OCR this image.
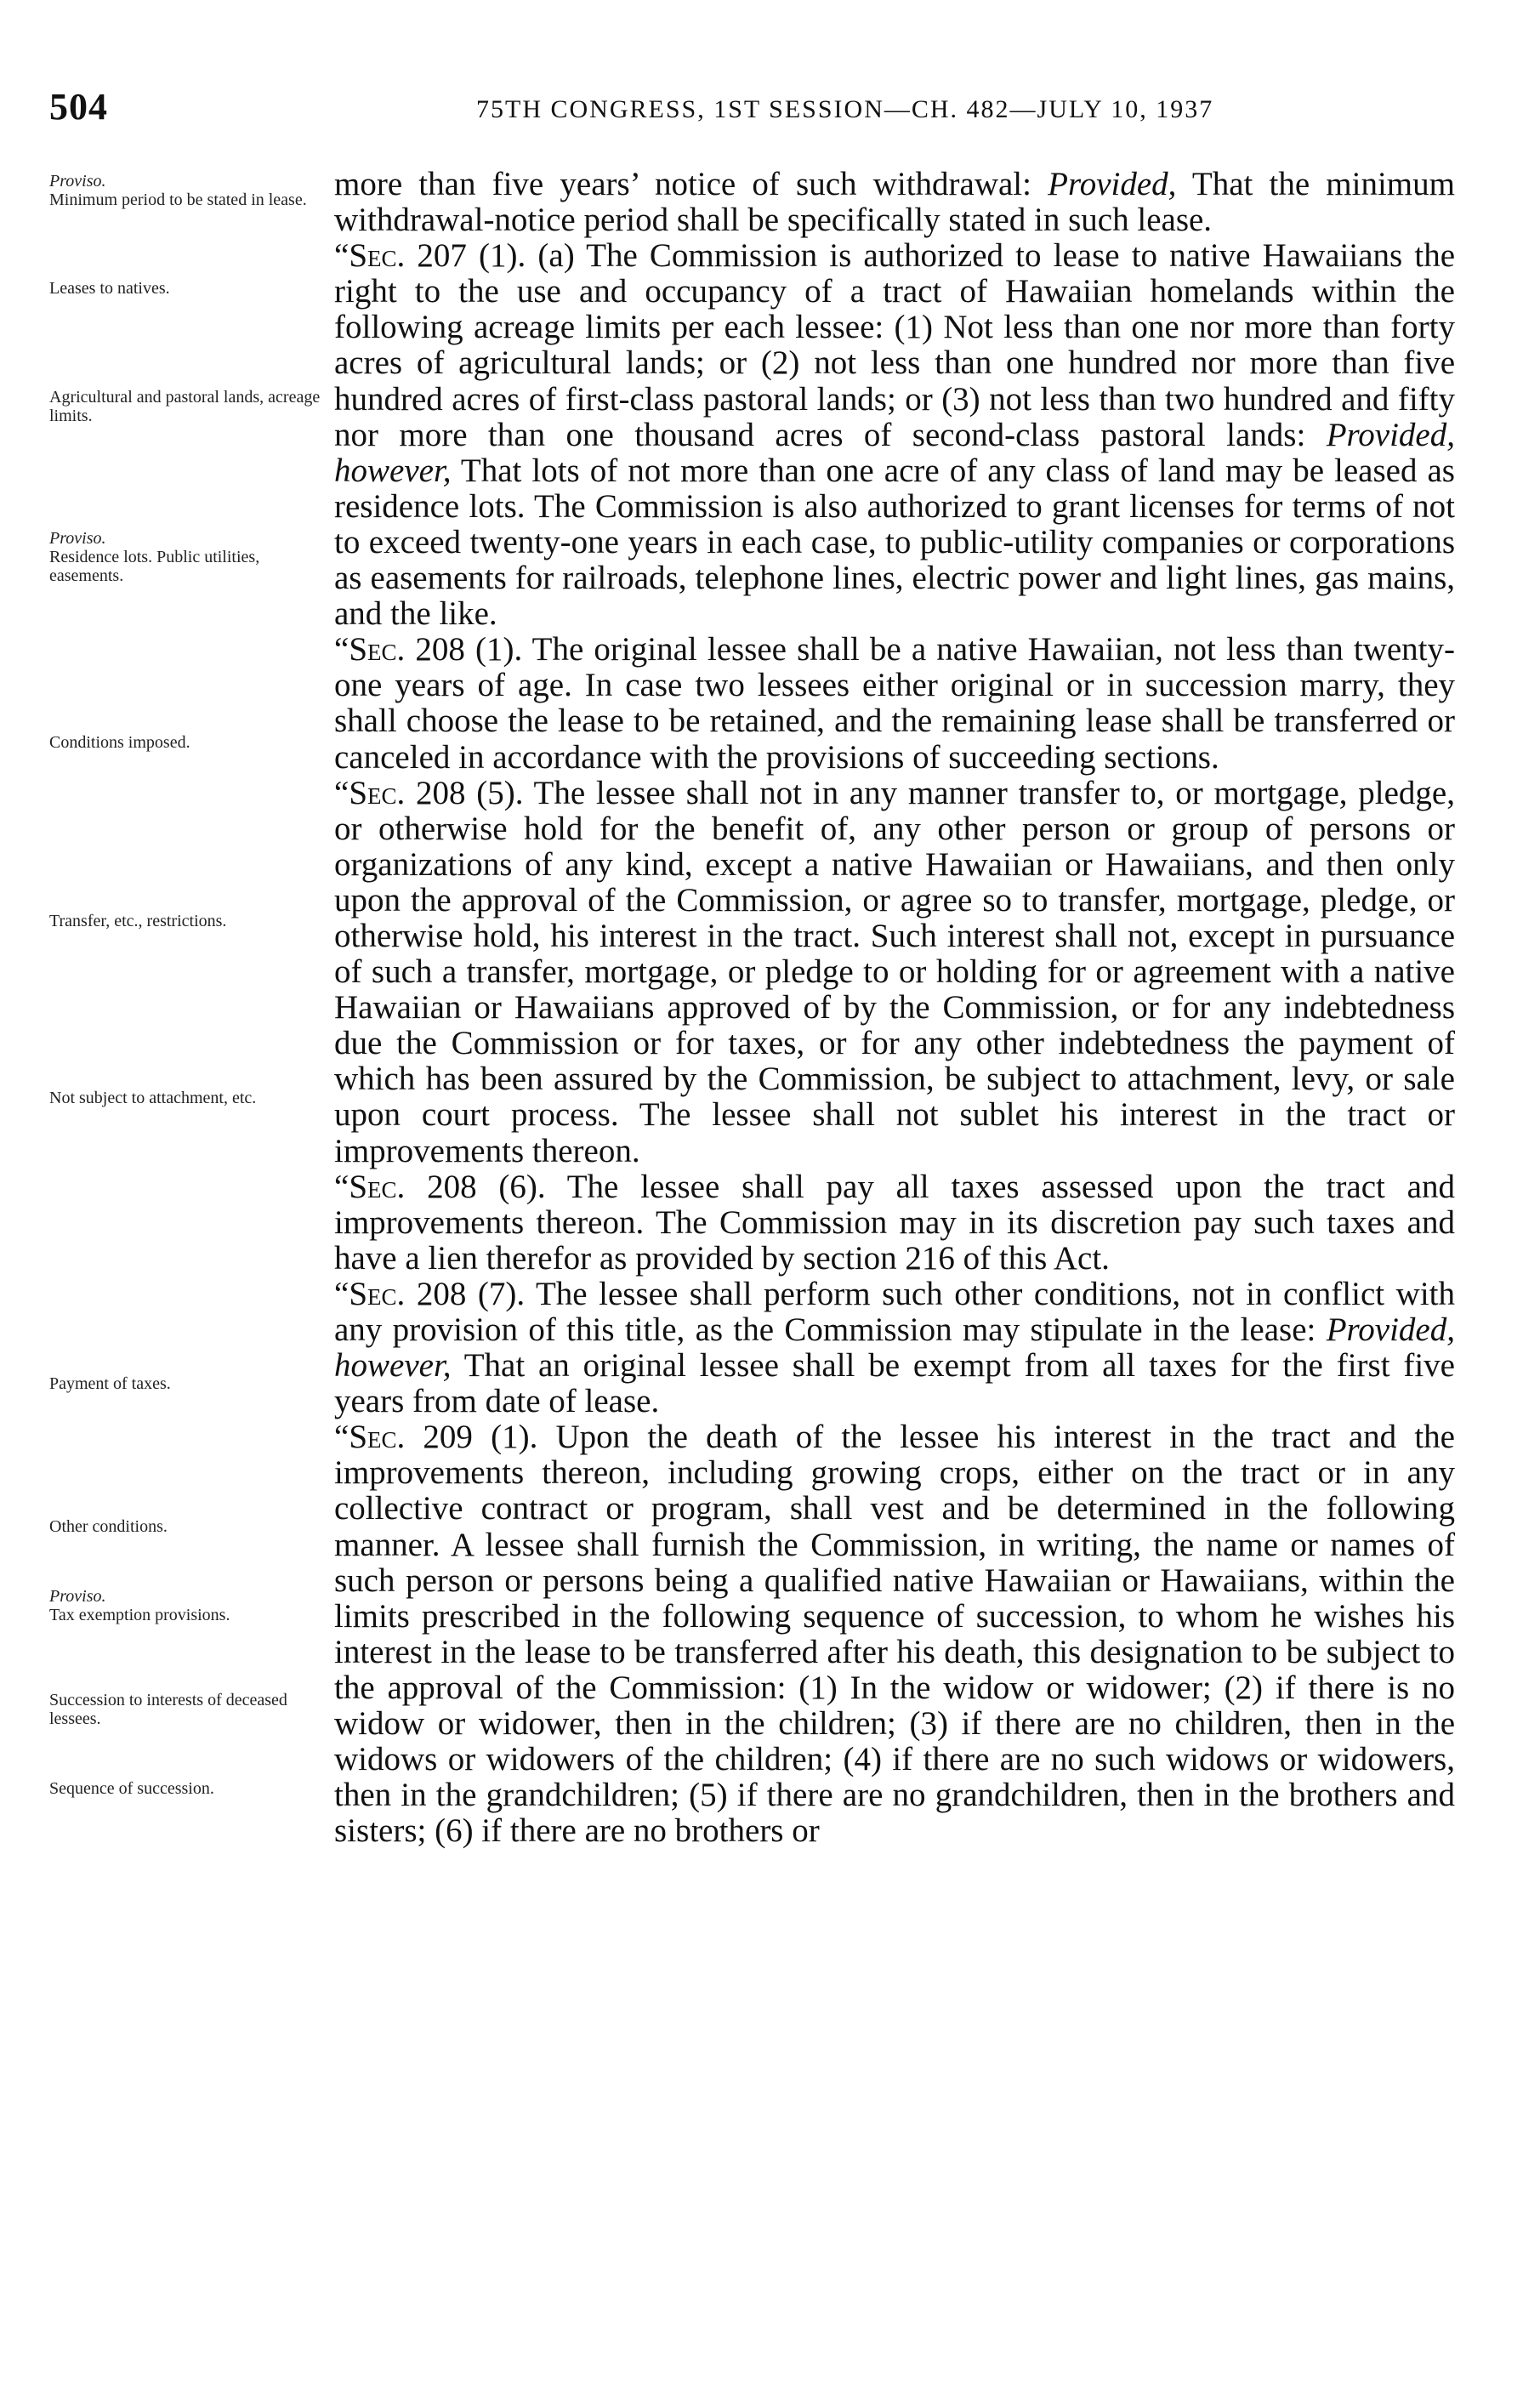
504	75TH CONGRESS, 1ST SESSION—CH. 482—JULY 10, 1937
Proviso.
Minimum period to be stated in lease.
Leases to natives.
Agricultural and pastoral lands, acreage limits.
Proviso.
Residence lots. Public utilities, easements.
Conditions imposed.
Transfer, etc., restrictions.
Not subject to attachment, etc.
Payment of taxes.
Other conditions.
Proviso.
Tax exemption provisions.
Succession to interests of deceased lessees.
Sequence of succession.

more than five years’ notice of such withdrawal: Provided, That the minimum withdrawal-notice period shall be specifically stated in such lease.

“Sec. 207 (1). (a) The Commission is authorized to lease to native Hawaiians the right to the use and occupancy of a tract of Hawaiian homelands within the following acreage limits per each lessee: (1) Not less than one nor more than forty acres of agricultural lands; or (2) not less than one hundred nor more than five hundred acres of first-class pastoral lands; or (3) not less than two hundred and fifty nor more than one thousand acres of second-class pastoral lands: Provided, however, That lots of not more than one acre of any class of land may be leased as residence lots. The Commission is also authorized to grant licenses for terms of not to exceed twenty-one years in each case, to public-utility companies or corporations as easements for railroads, telephone lines, electric power and light lines, gas mains, and the like.

“Sec. 208 (1). The original lessee shall be a native Hawaiian, not less than twenty-one years of age. In case two lessees either original or in succession marry, they shall choose the lease to be retained, and the remaining lease shall be transferred or canceled in accordance with the provisions of succeeding sections.

“Sec. 208 (5). The lessee shall not in any manner transfer to, or mortgage, pledge, or otherwise hold for the benefit of, any other person or group of persons or organizations of any kind, except a native Hawaiian or Hawaiians, and then only upon the approval of the Commission, or agree so to transfer, mortgage, pledge, or otherwise hold, his interest in the tract. Such interest shall not, except in pursuance of such a transfer, mortgage, or pledge to or holding for or agreement with a native Hawaiian or Hawaiians approved of by the Commission, or for any indebtedness due the Commission or for taxes, or for any other indebtedness the payment of which has been assured by the Commission, be subject to attachment, levy, or sale upon court process. The lessee shall not sublet his interest in the tract or improvements thereon.

“Sec. 208 (6). The lessee shall pay all taxes assessed upon the tract and improvements thereon. The Commission may in its discretion pay such taxes and have a lien therefor as provided by section 216 of this Act.

“Sec. 208 (7). The lessee shall perform such other conditions, not in conflict with any provision of this title, as the Commission may stipulate in the lease: Provided, however, That an original lessee shall be exempt from all taxes for the first five years from date of lease.

“Sec. 209 (1). Upon the death of the lessee his interest in the tract and the improvements thereon, including growing crops, either on the tract or in any collective contract or program, shall vest and be determined in the following manner. A lessee shall furnish the Commission, in writing, the name or names of such person or persons being a qualified native Hawaiian or Hawaiians, within the limits prescribed in the following sequence of succession, to whom he wishes his interest in the lease to be transferred after his death, this designation to be subject to the approval of the Commission: (1) In the widow or widower; (2) if there is no widow or widower, then in the children; (3) if there are no children, then in the widows or widowers of the children; (4) if there are no such widows or widowers, then in the grandchildren; (5) if there are no grandchildren, then in the brothers and sisters; (6) if there are no brothers or
